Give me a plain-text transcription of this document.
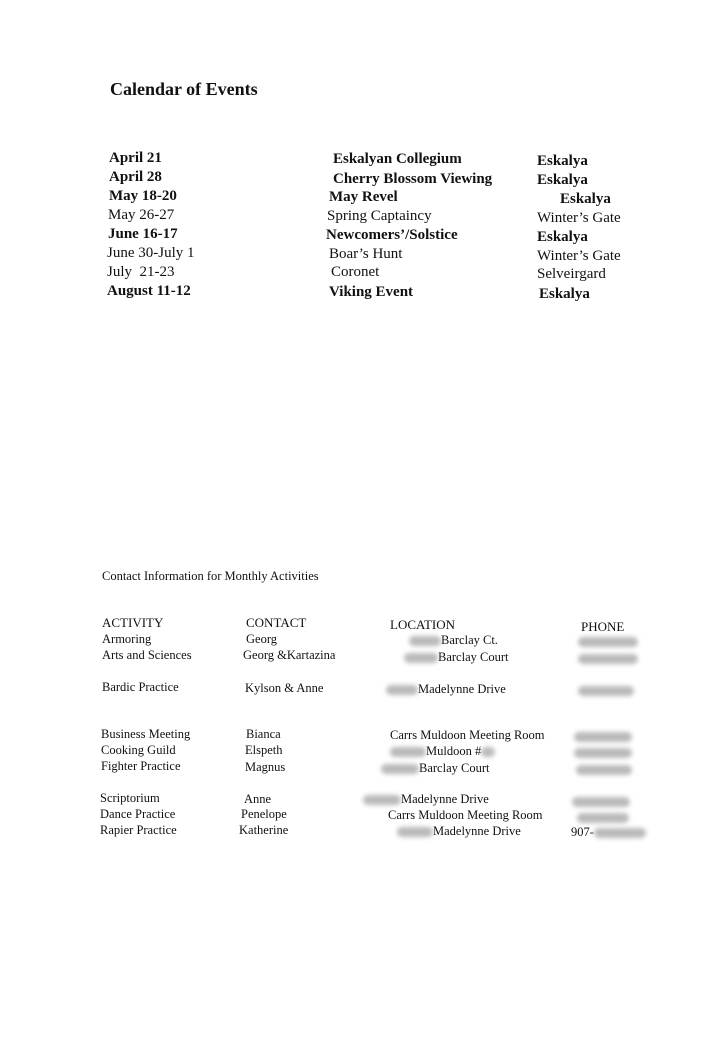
Calendar of Events
April 21	Eskalyan Collegium	Eskalya
April 28	Cherry Blossom Viewing	Eskalya
May 18-20	May Revel	Eskalya
May 26-27	Spring Captaincy	Winter’s Gate
June 16-17	Newcomers’/Solstice	Eskalya
June 30-July 1	Boar’s Hunt	Winter’s Gate
July  21-23	Coronet	Selveirgard
August 11-12	Viking Event	Eskalya
Contact Information for Monthly Activities
ACTIVITY	CONTACT	LOCATION	PHONE
Armoring	Georg	Barclay Ct.
Arts and Sciences	Georg &Kartazina	Barclay Court
Bardic Practice	Kylson & Anne	Madelynne Drive
Business Meeting	Bianca	Carrs Muldoon Meeting Room
Cooking Guild	Elspeth	Muldoon #
Fighter Practice	Magnus	Barclay Court
Scriptorium	Anne	Madelynne Drive
Dance Practice	Penelope	Carrs Muldoon Meeting Room
Rapier Practice	Katherine	Madelynne Drive	907-
